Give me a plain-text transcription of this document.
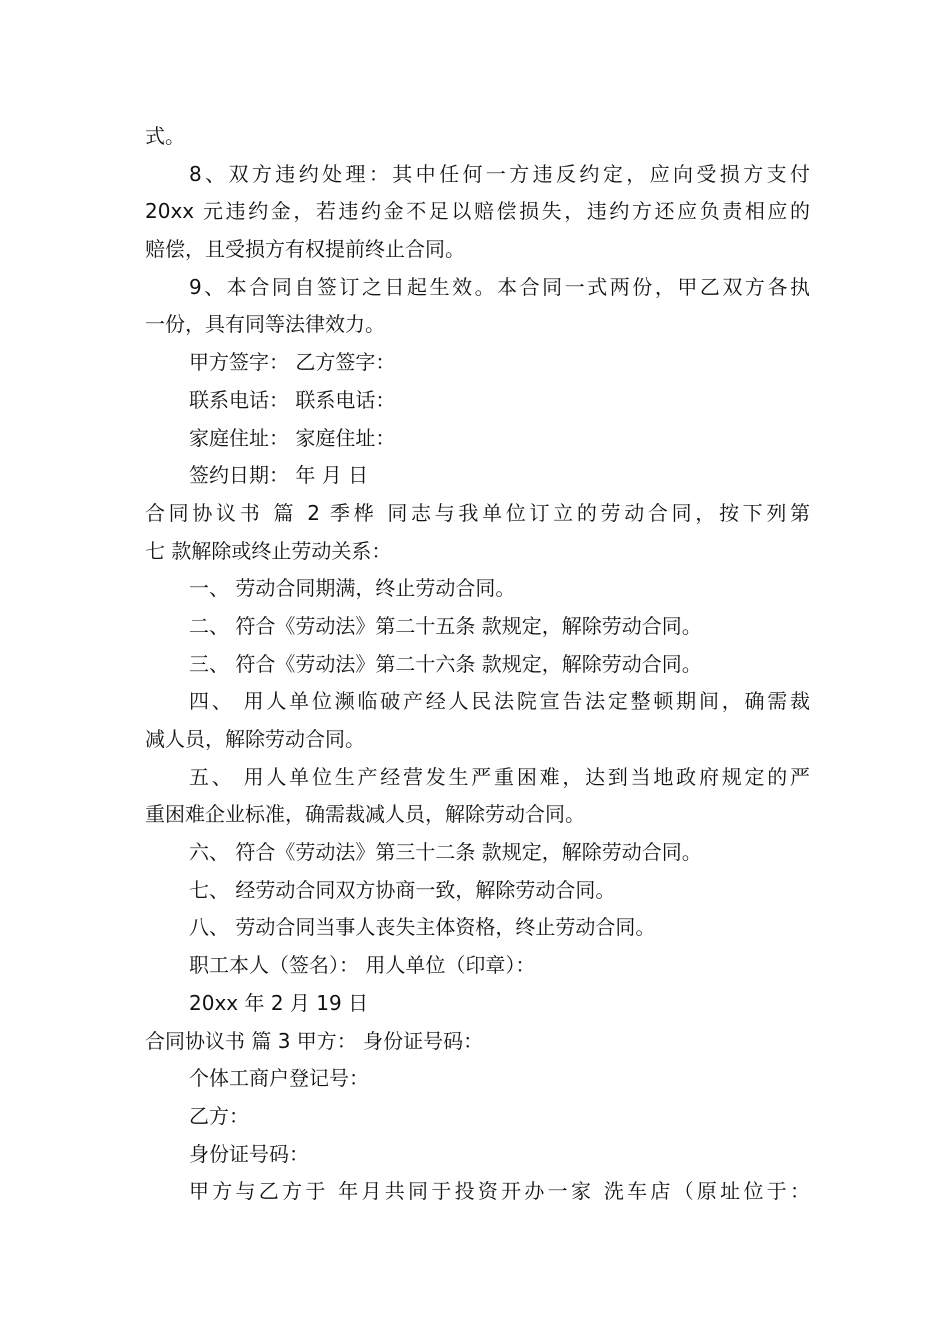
式。
8、双方违约处理：其中任何一方违反约定，应向受损方支付
20xx 元违约金，若违约金不足以赔偿损失，违约方还应负责相应的
赔偿，且受损方有权提前终止合同。
9、本合同自签订之日起生效。本合同一式两份，甲乙双方各执
一份，具有同等法律效力。
甲方签字： 乙方签字：
联系电话： 联系电话：
家庭住址： 家庭住址：
签约日期： 年 月 日
合同协议书 篇 2 季桦 同志与我单位订立的劳动合同，按下列第
七 款解除或终止劳动关系：
一、 劳动合同期满，终止劳动合同。
二、 符合《劳动法》第二十五条 款规定，解除劳动合同。
三、 符合《劳动法》第二十六条 款规定，解除劳动合同。
四、 用人单位濒临破产经人民法院宣告法定整顿期间，确需裁
减人员，解除劳动合同。
五、 用人单位生产经营发生严重困难，达到当地政府规定的严
重困难企业标准，确需裁减人员，解除劳动合同。
六、 符合《劳动法》第三十二条 款规定，解除劳动合同。
七、 经劳动合同双方协商一致，解除劳动合同。
八、 劳动合同当事人丧失主体资格，终止劳动合同。
职工本人（签名）： 用人单位（印章）：
20xx 年 2 月 19 日
合同协议书 篇 3 甲方： 身份证号码：
个体工商户登记号：
乙方：
身份证号码：
甲方与乙方于 年月共同于投资开办一家 洗车店（原址位于：
